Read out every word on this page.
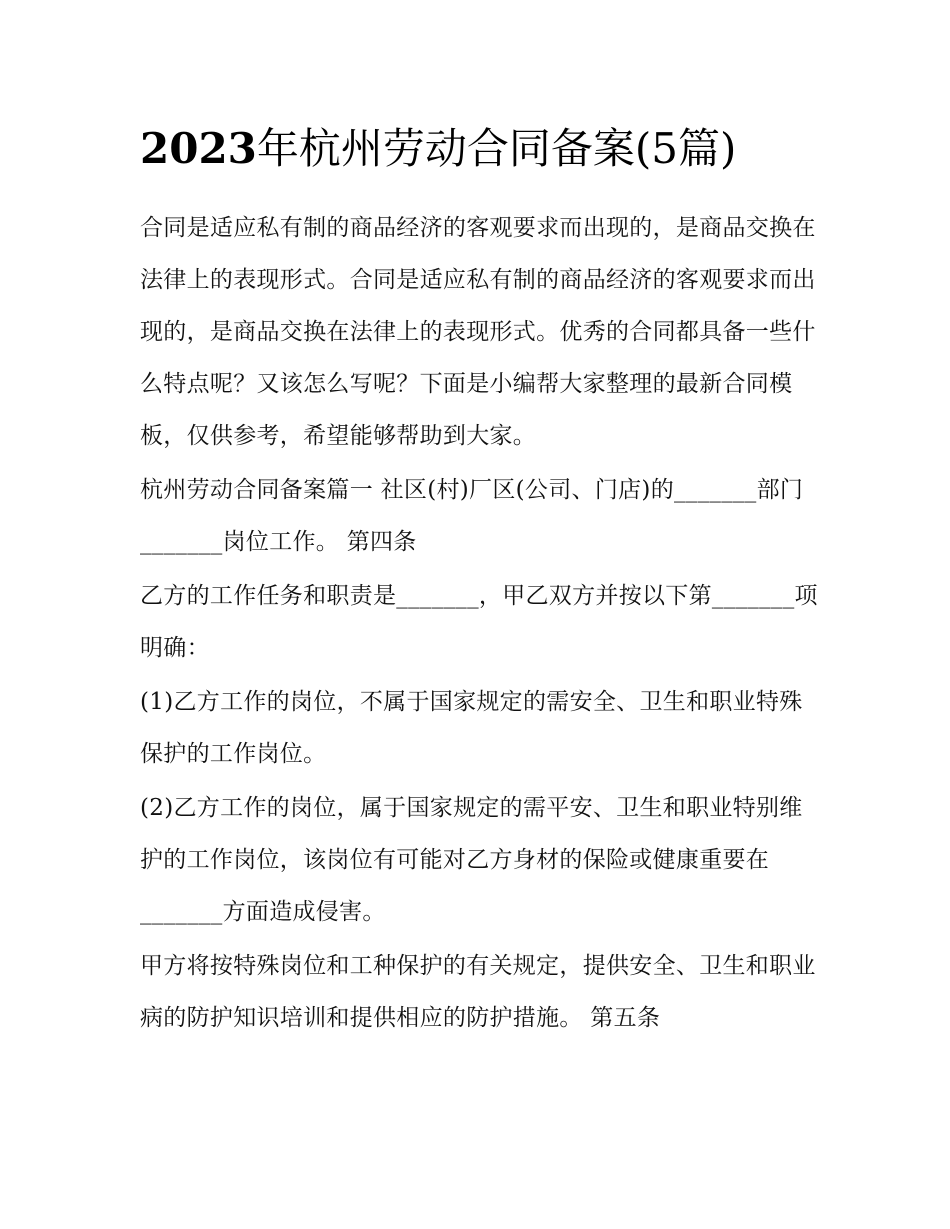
2023年杭州劳动合同备案(5篇)

合同是适应私有制的商品经济的客观要求而出现的，是商品交换在法律上的表现形式。合同是适应私有制的商品经济的客观要求而出现的，是商品交换在法律上的表现形式。优秀的合同都具备一些什么特点呢？又该怎么写呢？下面是小编帮大家整理的最新合同模板，仅供参考，希望能够帮助到大家。

杭州劳动合同备案篇一 社区(村)厂区(公司、门店)的_______部门_______岗位工作。 第四条

乙方的工作任务和职责是_______，甲乙双方并按以下第_______项明确：

(1)乙方工作的岗位，不属于国家规定的需安全、卫生和职业特殊保护的工作岗位。

(2)乙方工作的岗位，属于国家规定的需平安、卫生和职业特别维护的工作岗位，该岗位有可能对乙方身材的保险或健康重要在_______方面造成侵害。

甲方将按特殊岗位和工种保护的有关规定，提供安全、卫生和职业病的防护知识培训和提供相应的防护措施。 第五条
